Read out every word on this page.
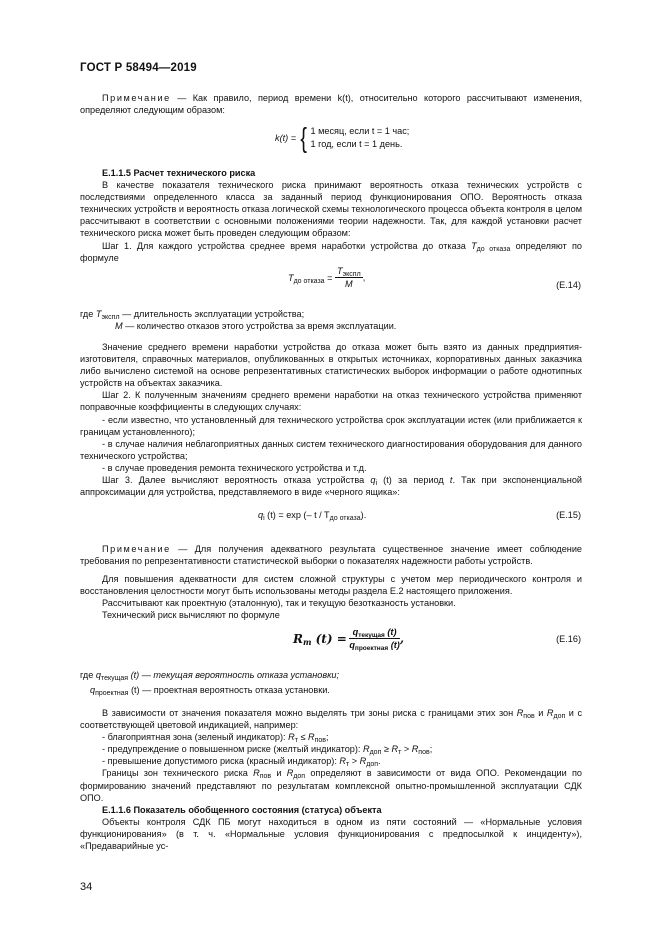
ГОСТ Р 58494—2019

Примечание — Как правило, период времени k(t), относительно которого рассчитывают изменения, определяют следующим образом:

k(t) = { 1 месяц, если t = 1 час;
1 год, если t = 1 день.

Е.1.1.5 Расчет технического риска

В качестве показателя технического риска принимают вероятность отказа технических устройств с последствиями определенного класса за заданный период функционирования ОПО. Вероятность отказа технических устройств и вероятность отказа логической схемы технологического процесса объекта контроля в целом рассчитывают в соответствии с основными положениями теории надежности. Так, для каждой установки расчет технического риска может быть проведен следующим образом:

Шаг 1. Для каждого устройства среднее время наработки устройства до отказа $T_{до отказа}$ определяют по формуле

$T_{до отказа} = \frac{T_{экспл}}{M}$ ,
(Е.14)
где $T_{экспл}$ — длительность эксплуатации устройства;
M — количество отказов этого устройства за время эксплуатации.

Значение среднего времени наработки устройства до отказа может быть взято из данных предприятия-изготовителя, справочных материалов, опубликованных в открытых источниках, корпоративных данных заказчика либо вычислено системой на основе репрезентативных статистических выборок информации о работе однотипных устройств на объектах заказчика.

Шаг 2. К полученным значениям среднего времени наработки на отказ технического устройства применяют поправочные коэффициенты в следующих случаях:

- если известно, что установленный для технического устройства срок эксплуатации истек (или приближается к границам установленного);

- в случае наличия неблагоприятных данных систем технического диагностирования оборудования для данного технического устройства;

- в случае проведения ремонта технического устройства и т.д.

Шаг 3. Далее вычисляют вероятность отказа устройства $q_i$ (t) за период t. Так при экспоненциальной аппроксимации для устройства, представляемого в виде «черного ящика»:

$q_i$ (t) = exp (– t / $T_{до отказа}$).	(Е.15)

Примечание — Для получения адекватного результата существенное значение имеет соблюдение требования по репрезентативности статистической выборки о показателях надежности работы устройств.

Для повышения адекватности для систем сложной структуры с учетом мер периодического контроля и восстановления целостности могут быть использованы методы раздела Е.2 настоящего приложения.

Рассчитывают как проектную (эталонную), так и текущую безотказность установки.

Технический риск вычисляют по формуле

$R_т$ $(t) = \frac{q_{текущая} (t)}{q_{проектная} (t)}$ ,	(Е.16)
где $q_{текущая}$ (t) — текущая вероятность отказа установки;
$q_{проектная}$ (t) — проектная вероятность отказа установки.

В зависимости от значения показателя можно выделять три зоны риска с границами этих зон $R_{пов}$ и $R_{доп}$ и с соответствующей цветовой индикацией, например:

- благоприятная зона (зеленый индикатор): $R_т \le R_{пов}$;

- предупреждение о повышенном риске (желтый индикатор): $R_{доп} \ge R_т > R_{пов}$;

- превышение допустимого риска (красный индикатор): $R_т > R_{доп}$.

Границы зон технического риска $R_{пов}$ и $R_{доп}$ определяют в зависимости от вида ОПО. Рекомендации по формированию значений представляют по результатам комплексной опытно-промышленной эксплуатации СДК ОПО.

Е.1.1.6 Показатель обобщенного состояния (статуса) объекта

Объекты контроля СДК ПБ могут находиться в одном из пяти состояний — «Нормальные условия функционирования» (в т. ч. «Нормальные условия функционирования с предпосылкой к инциденту»), «Предаварийные ус-

34
